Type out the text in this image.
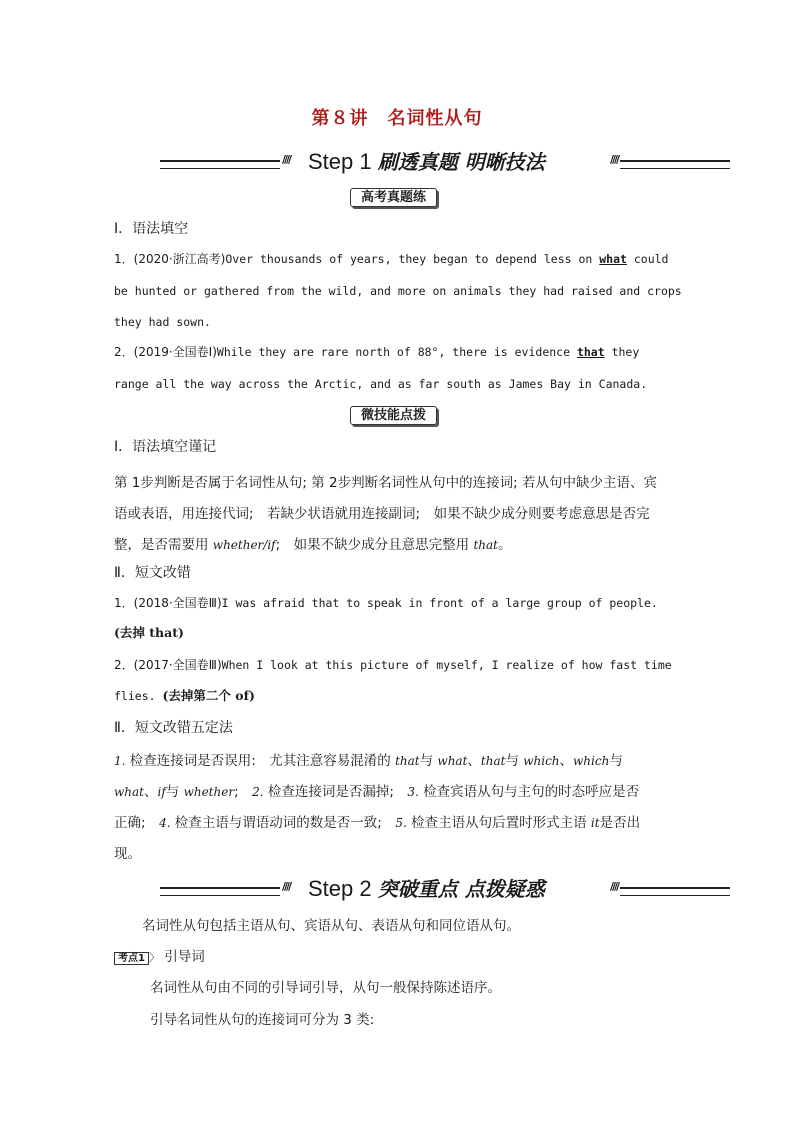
第８讲　名词性从句
//// Step 1 刷透真题 明晰技法	////
高考真题练
Ⅰ．语法填空
1．(2020·浙江高考)Over thousands of years, they began to depend less on what could
be hunted or gathered from the wild, and more on animals they had raised and crops
they had sown.
2．(2019·全国卷Ⅰ)While they are rare north of 88°, there is evidence that they
range all the way across the Arctic, and as far south as James Bay in Canada.
微技能点拨
Ⅰ．语法填空谨记
第 1步判断是否属于名词性从句; 第 2步判断名词性从句中的连接词; 若从句中缺少主语、宾
语或表语，用连接代词;　若缺少状语就用连接副词;　如果不缺少成分则要考虑意思是否完
整，是否需要用 whether/if;　如果不缺少成分且意思完整用 that。
Ⅱ．短文改错
1．(2018·全国卷Ⅲ)I was afraid that to speak in front of a large group of people.
(去掉 that)
2．(2017·全国卷Ⅲ)When I look at this picture of myself, I realize of how fast time
flies. (去掉第二个 of)
Ⅱ．短文改错五定法
1. 检查连接词是否误用:　尤其注意容易混淆的 that与 what、that与 which、which与
what、if与 whether;　2. 检查连接词是否漏掉;　3. 检查宾语从句与主句的时态呼应是否
正确;　4. 检查主语与谓语动词的数是否一致;　5. 检查主语从句后置时形式主语 it是否出
现。
//// Step 2 突破重点 点拨疑惑	////
名词性从句包括主语从句、宾语从句、表语从句和同位语从句。
考点1 〉 引导词
名词性从句由不同的引导词引导，从句一般保持陈述语序。
引导名词性从句的连接词可分为 3 类:
